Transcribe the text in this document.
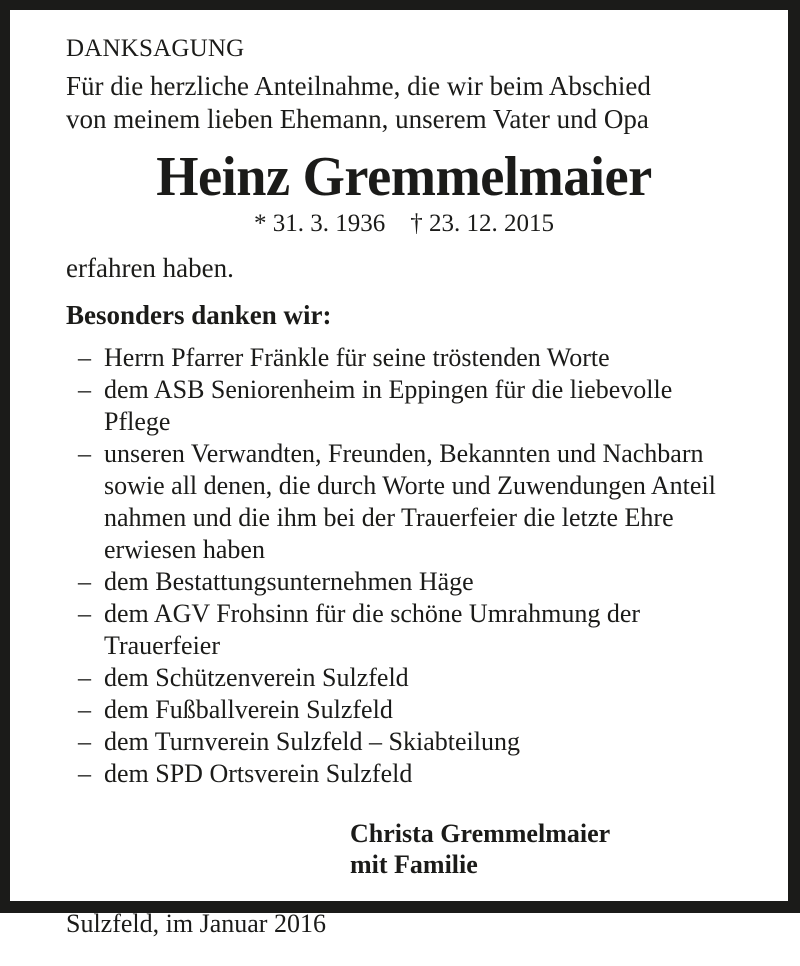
DANKSAGUNG

Für die herzliche Anteilnahme, die wir beim Abschied

von meinem lieben Ehemann, unserem Vater und Opa

Heinz Gremmelmaier

* 31. 3. 1936    † 23. 12. 2015

erfahren haben.

Besonders danken wir:

– Herrn Pfarrer Fränkle für seine tröstenden Worte
– dem ASB Seniorenheim in Eppingen für die liebevolle Pflege
– unseren Verwandten, Freunden, Bekannten und Nachbarn sowie all denen, die durch Worte und Zuwendungen Anteil nahmen und die ihm bei der Trauerfeier die letzte Ehre erwiesen haben
– dem Bestattungsunternehmen Häge
– dem AGV Frohsinn für die schöne Umrahmung der Trauerfeier
– dem Schützenverein Sulzfeld
– dem Fußballverein Sulzfeld
– dem Turnverein Sulzfeld – Skiabteilung
– dem SPD Ortsverein Sulzfeld
Christa Gremmelmaier
mit Familie

Sulzfeld, im Januar 2016
